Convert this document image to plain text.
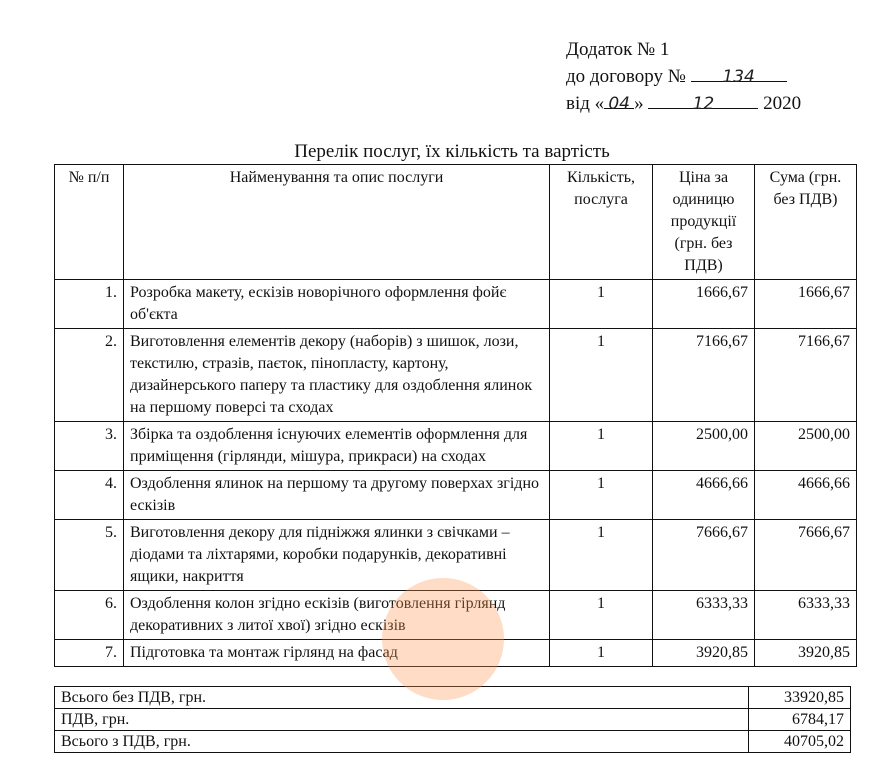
Додаток № 1
до договору № 134
від « 04 »	12	2020
Перелік послуг, їх кількість та вартість
№ п/п	Найменування та опис послуги	Кількість, послуга	Ціна за одиницю продукції (грн. без ПДВ)	Сума (грн. без ПДВ)
1.	Розробка макету, ескізів новорічного оформлення фойє об'єкта	1	1666,67	1666,67
2.	Виготовлення елементів декору (наборів) з шишок, лози, текстилю, стразів, паєток, пінопласту, картону, дизайнерського паперу та пластику для оздоблення ялинок на першому поверсі та сходах	1	7166,67	7166,67
3.	Збірка та оздоблення існуючих елементів оформлення для приміщення (гірлянди, мішура, прикраси) на сходах	1	2500,00	2500,00
4.	Оздоблення ялинок на першому та другому поверхах згідно ескізів	1	4666,66	4666,66
5.	Виготовлення декору для підніжжя ялинки з свічками – діодами та ліхтарями, коробки подарунків, декоративні ящики, накриття	1	7666,67	7666,67
6.	Оздоблення колон згідно ескізів (виготовлення гірлянд декоративних з литої хвої) згідно ескізів	1	6333,33	6333,33
7.	Підготовка та монтаж гірлянд на фасад	1	3920,85	3920,85
Всього без ПДВ, грн.	33920,85
ПДВ, грн.	6784,17
Всього з ПДВ, грн.	40705,02
